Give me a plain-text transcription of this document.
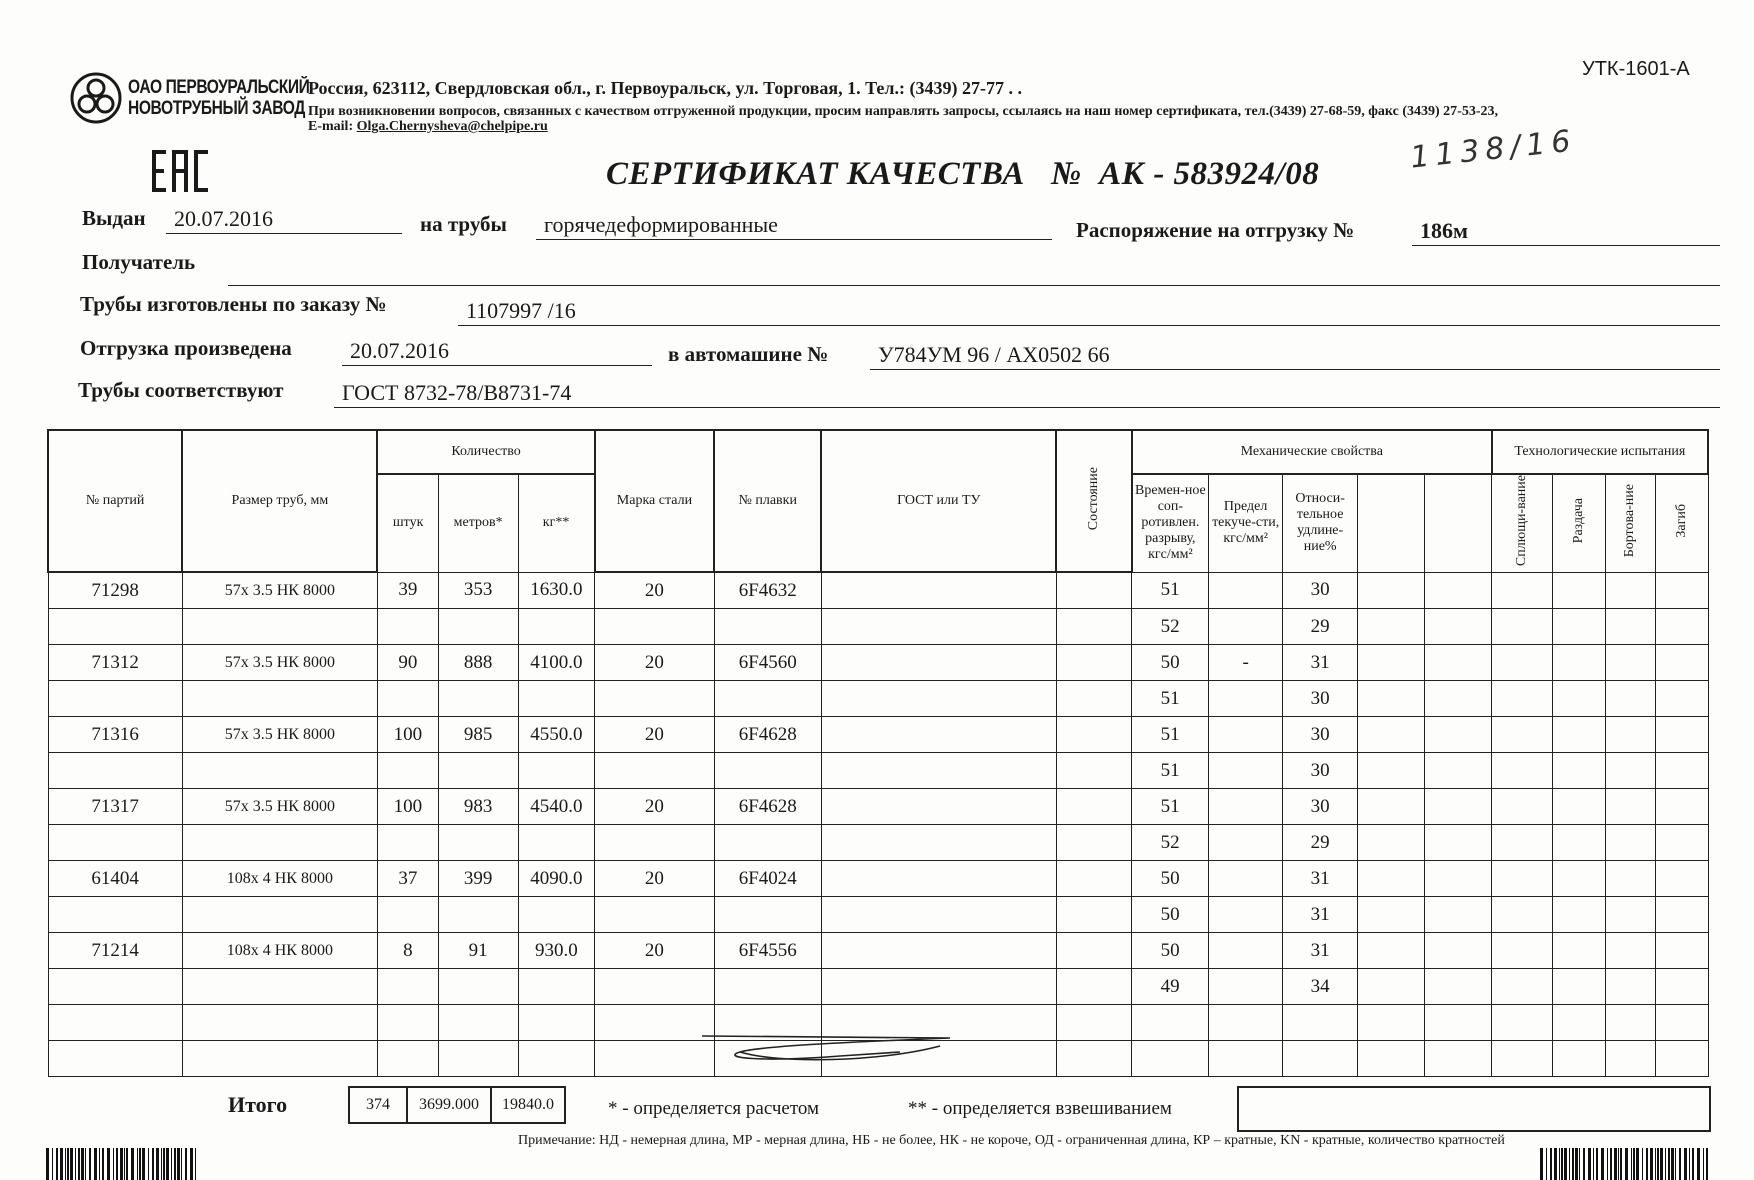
ОАО ПЕРВОУРАЛЬСКИЙ
НОВОТРУБНЫЙ ЗАВОД
Россия, 623112, Свердловская обл., г. Первоуральск, ул. Торговая, 1. Тел.: (3439) 27-77 . .
При возникновении вопросов, связанных с качеством отгруженной продукции, просим направлять запросы, ссылаясь на наш номер сертификата, тел.(3439) 27-68-59, факс (3439) 27-53-23,
E-mail: Olga.Chernysheva@chelpipe.ru
УТК-1601-А
1138/16
СЕРТИФИКАТ КАЧЕСТВА № АК - 583924/08
Выдан	20.07.2016	на трубы	горячедеформированные	Распоряжение на отгрузку №	186м
Получатель
Трубы изготовлены по заказу №	1107997 /16
Отгрузка произведена	20.07.2016	в автомашине №	У784УМ 96 / АХ0502 66
Трубы соответствуют	ГОСТ 8732-78/В8731-74
№ партий	Размер труб, мм	Количество			Марка стали	№ плавки	ГОСТ или ТУ	Состояние	Механические свойства					Технологические испытания			
		штук	метров*	кг**					Времен-ное соп-ротивлен. разрыву, кгс/мм²	Предел текуче-сти, кгс/мм²	Относи-тельное удлине-ние%			Сплющи-вание	Раздача	Бортова-ние	Загиб
71298	57х 3.5 НК 8000	39	353	1630.0	20	6F4632			51		30						
									52		29						
71312	57х 3.5 НК 8000	90	888	4100.0	20	6F4560			50	-	31						
									51		30						
71316	57х 3.5 НК 8000	100	985	4550.0	20	6F4628			51		30						
									51		30						
71317	57х 3.5 НК 8000	100	983	4540.0	20	6F4628			51		30						
									52		29						
61404	108х 4 НК 8000	37	399	4090.0	20	6F4024			50		31						
									50		31						
71214	108х 4 НК 8000	8	91	930.0	20	6F4556			50		31						
									49		34						

Итого	374	3699.000	19840.0	* - определяется расчетом	** - определяется взвешиванием
Примечание: НД - немерная длина, МР - мерная длина, НБ - не более, НК - не короче, ОД - ограниченная длина, КР – кратные, KN - кратные, количество кратностей
